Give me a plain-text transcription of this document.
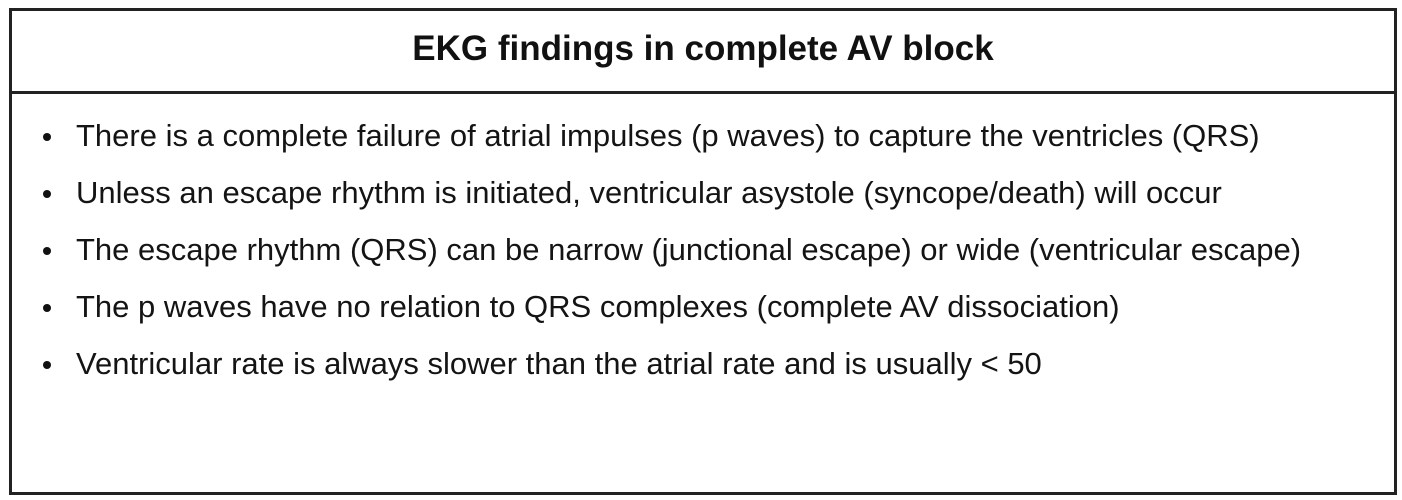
EKG findings in complete AV block
There is a complete failure of atrial impulses (p waves) to capture the ventricles (QRS)
Unless an escape rhythm is initiated, ventricular asystole (syncope/death) will occur
The escape rhythm (QRS) can be narrow (junctional escape) or wide (ventricular escape)
The p waves have no relation to QRS complexes (complete AV dissociation)
Ventricular rate is always slower than the atrial rate and is usually < 50
